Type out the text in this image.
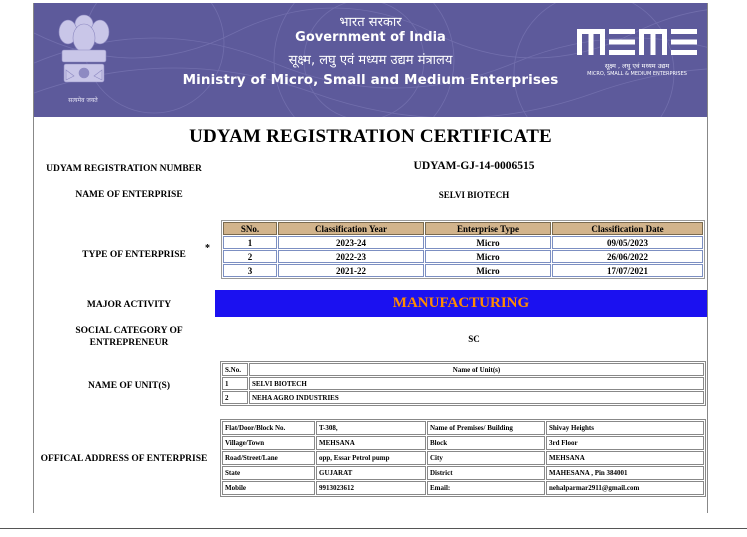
सत्यमेव जयते
भारत सरकार
Government of India
सूक्ष्म, लघु एवं मध्यम उद्यम मंत्रालय
Ministry of Micro, Small and Medium Enterprises
सूक्ष्म , लघु एवं मध्यम उद्यम
MICRO, SMALL & MEDIUM ENTERPRISES
UDYAM REGISTRATION CERTIFICATE
UDYAM REGISTRATION NUMBER	UDYAM-GJ-14-0006515
NAME OF ENTERPRISE	SELVI BIOTECH
TYPE OF ENTERPRISE
*
SNo.	Classification Year	Enterprise Type	Classification Date
1	2023-24	Micro	09/05/2023
2	2022-23	Micro	26/06/2022
3	2021-22	Micro	17/07/2021
MAJOR ACTIVITY	MANUFACTURING
SOCIAL CATEGORY OF ENTREPRENEUR	SC
NAME OF UNIT(S)
S.No.	Name of Unit(s)
1	SELVI BIOTECH
2	NEHA AGRO INDUSTRIES
OFFICAL ADDRESS OF ENTERPRISE
Flat/Door/Block No.	T-308,	Name of Premises/ Building	Shivay Heights
Village/Town	MEHSANA	Block	3rd Floor
Road/Street/Lane	opp, Essar Petrol pump	City	MEHSANA
State	GUJARAT	District	MAHESANA , Pin 384001
Mobile	9913023612	Email:	nehalparmar2911@gmail.com
